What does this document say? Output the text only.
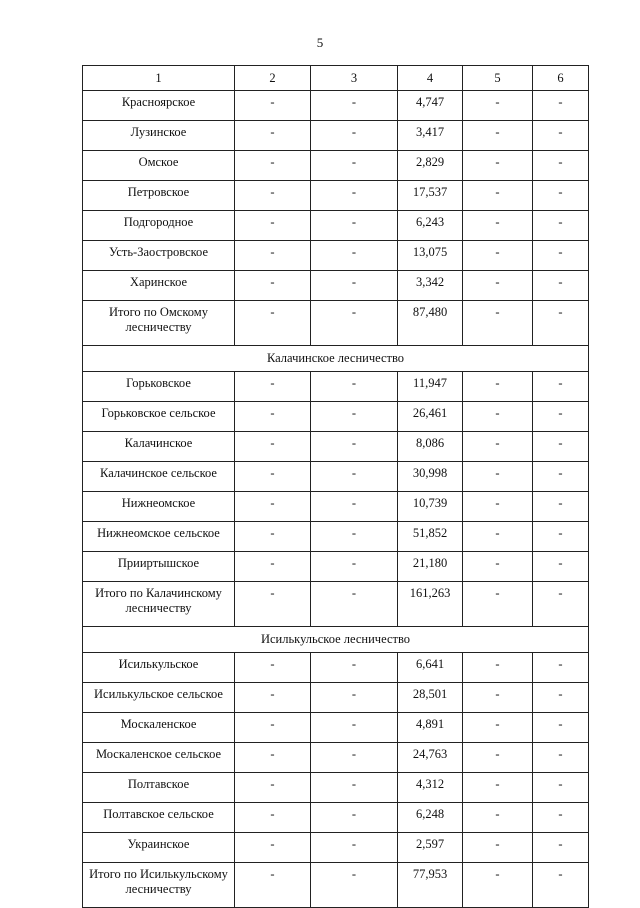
5
1	2	3	4	5	6
Красноярское	-	-	4,747	-	-
Лузинское	-	-	3,417	-	-
Омское	-	-	2,829	-	-
Петровское	-	-	17,537	-	-
Подгородное	-	-	6,243	-	-
Усть-Заостровское	-	-	13,075	-	-
Харинское	-	-	3,342	-	-
Итого по Омскому лесничеству	-	-	87,480	-	-
Калачинское лесничество					
Горьковское	-	-	11,947	-	-
Горьковское сельское	-	-	26,461	-	-
Калачинское	-	-	8,086	-	-
Калачинское сельское	-	-	30,998	-	-
Нижнеомское	-	-	10,739	-	-
Нижнеомское сельское	-	-	51,852	-	-
Прииртышское	-	-	21,180	-	-
Итого по Калачинскому лесничеству	-	-	161,263	-	-
Исилькульское лесничество					
Исилькульское	-	-	6,641	-	-
Исилькульское сельское	-	-	28,501	-	-
Москаленское	-	-	4,891	-	-
Москаленское сельское	-	-	24,763	-	-
Полтавское	-	-	4,312	-	-
Полтавское сельское	-	-	6,248	-	-
Украинское	-	-	2,597	-	-
Итого по Исилькульскому лесничеству	-	-	77,953	-	-
